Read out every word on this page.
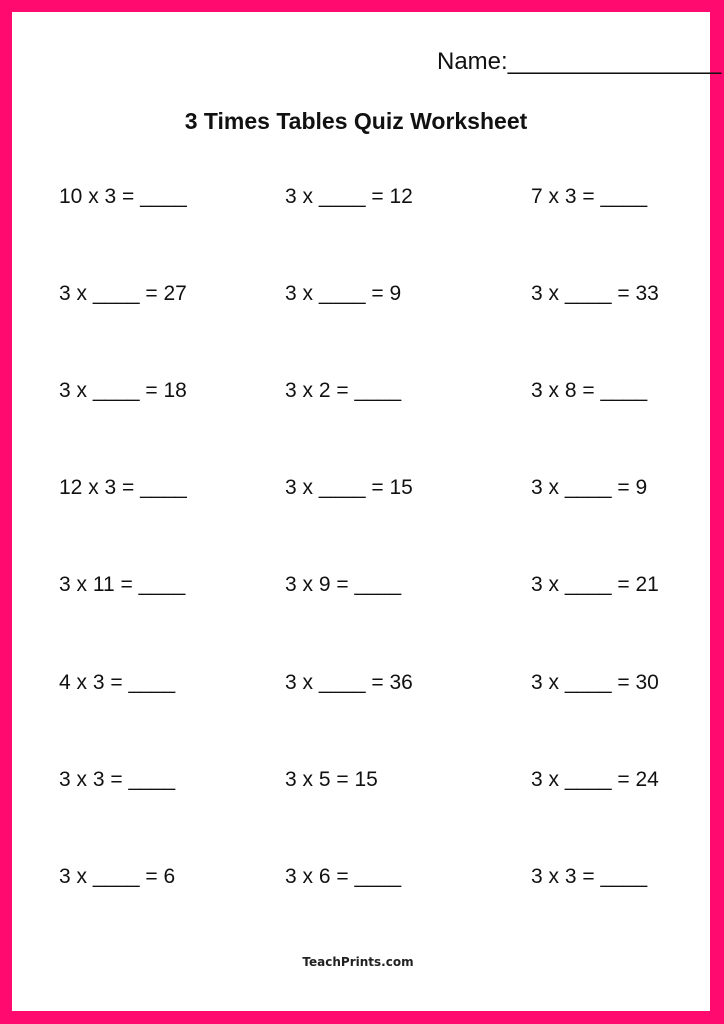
Name:________________
3 Times Tables Quiz Worksheet
10 x 3 = ____	3 x ____ = 12	7 x 3 = ____
3 x ____ = 27	3 x ____ = 9	3 x ____ = 33
3 x ____ = 18	3 x 2 = ____	3 x 8 = ____
12 x 3 = ____	3 x ____ = 15	3 x ____ = 9
3 x 11 = ____	3 x 9 = ____	3 x ____ = 21
4 x 3 = ____	3 x ____ = 36	3 x ____ = 30
3 x 3 = ____	3 x 5 = 15	3 x ____ = 24
3 x ____ = 6	3 x 6 = ____	3 x 3 = ____
TeachPrints.com
